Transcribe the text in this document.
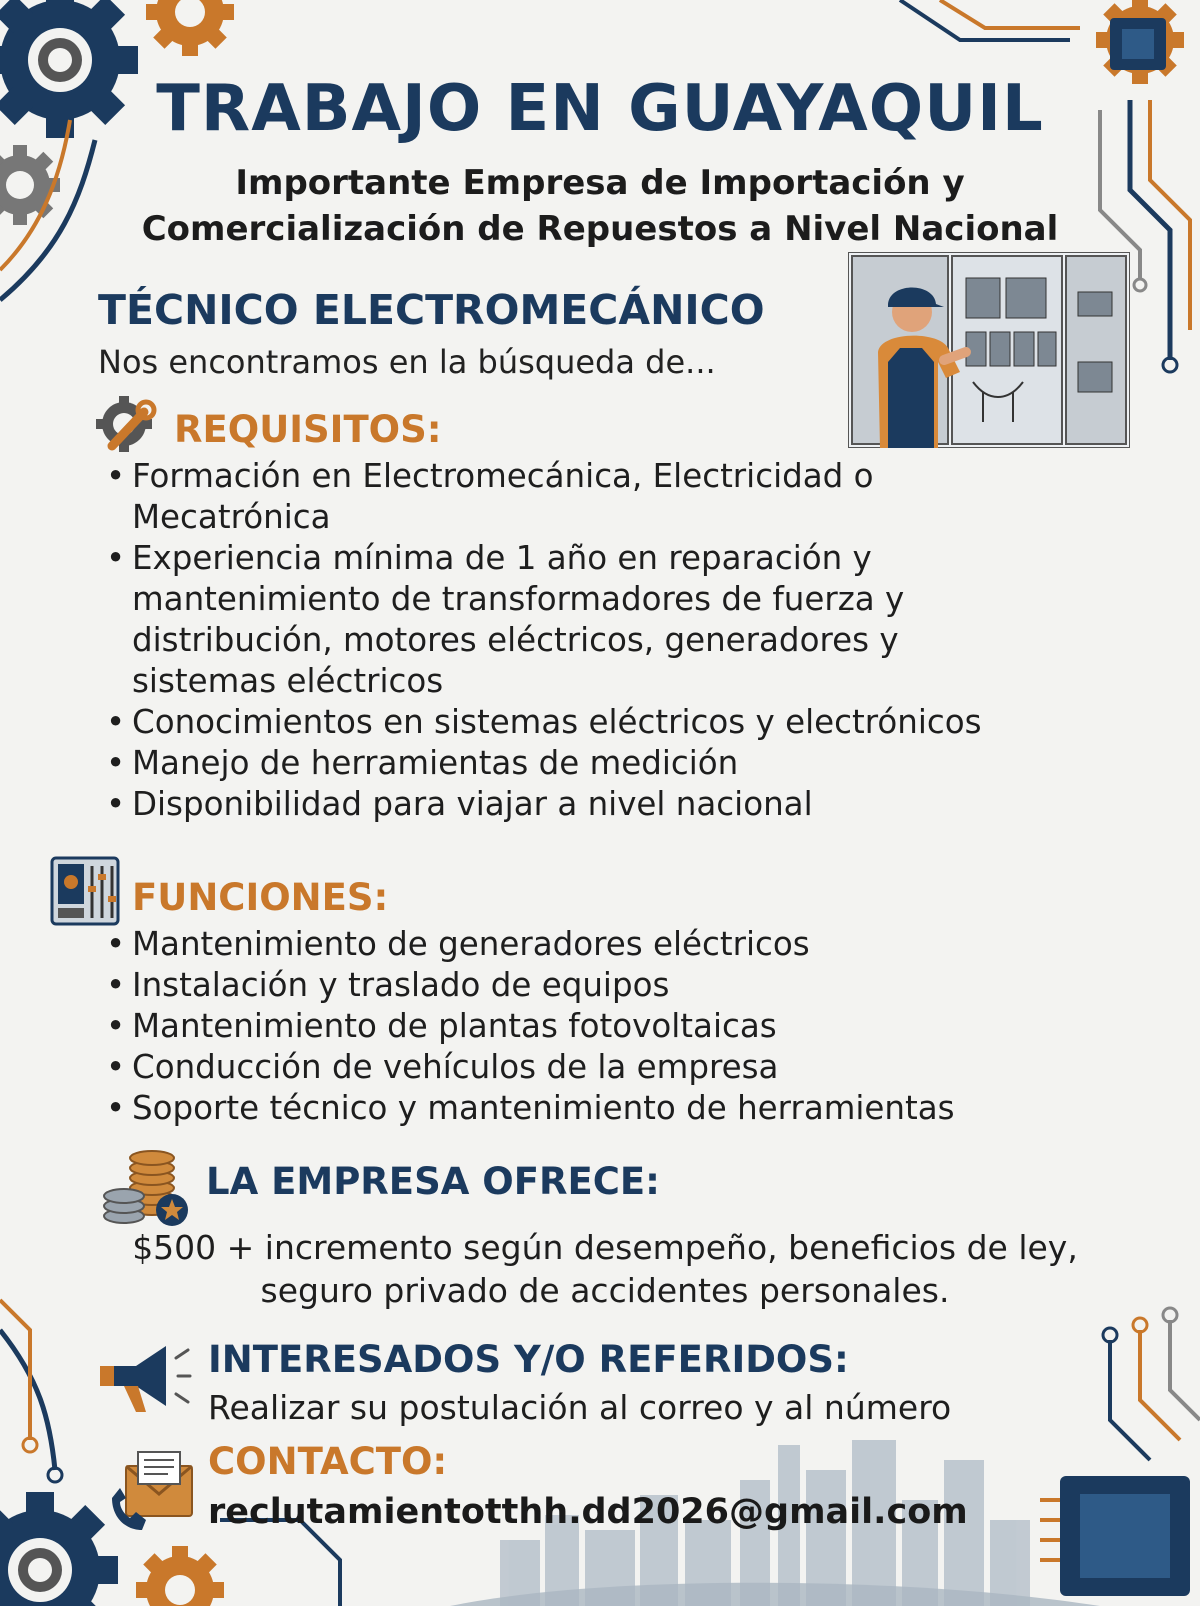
TRABAJO EN GUAYAQUIL
Importante Empresa de Importación y
Comercialización de Repuestos a Nivel Nacional
TÉCNICO ELECTROMECÁNICO
Nos encontramos en la búsqueda de...
REQUISITOS:
• Formación en Electromecánica, Electricidad o
Mecatrónica
• Experiencia mínima de 1 año en reparación y
mantenimiento de transformadores de fuerza y
distribución, motores eléctricos, generadores y
sistemas eléctricos
• Conocimientos en sistemas eléctricos y electrónicos
• Manejo de herramientas de medición
• Disponibilidad para viajar a nivel nacional
FUNCIONES:
• Mantenimiento de generadores eléctricos
• Instalación y traslado de equipos
• Mantenimiento de plantas fotovoltaicas
• Conducción de vehículos de la empresa
• Soporte técnico y mantenimiento de herramientas
LA EMPRESA OFRECE:
$500 + incremento según desempeño, beneficios de ley, seguro privado de accidentes personales.
INTERESADOS Y/O REFERIDOS:
Realizar su postulación al correo y al número
CONTACTO:
reclutamientotthh.dd2026@gmail.com
